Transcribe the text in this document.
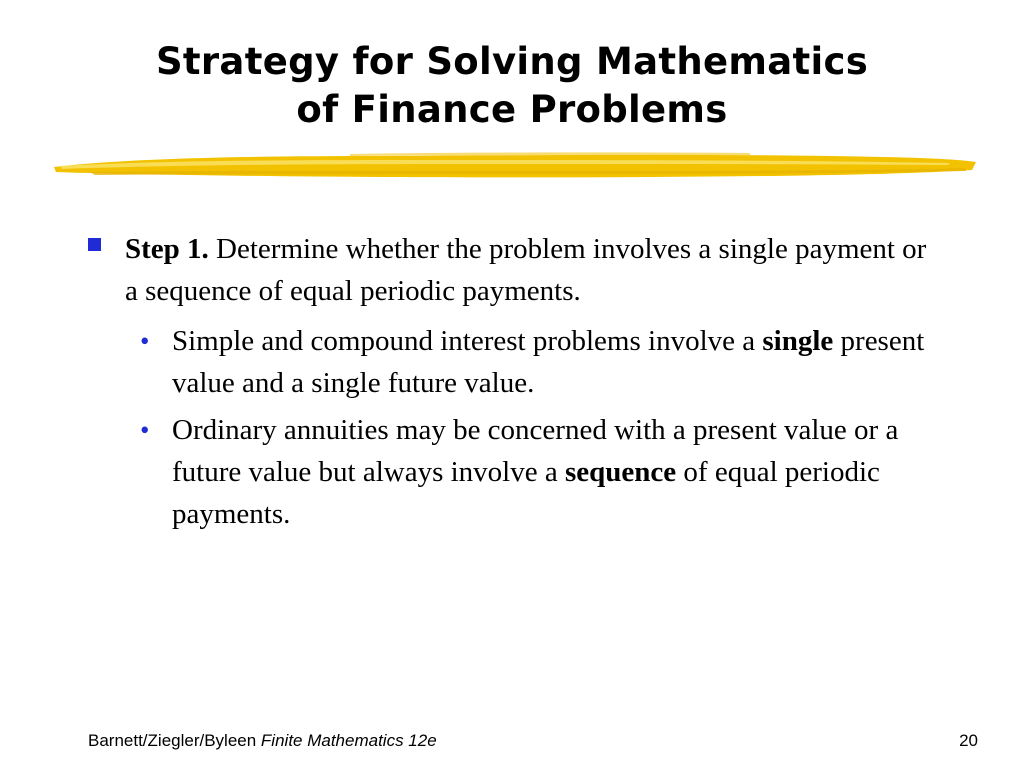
Strategy for Solving Mathematics
of Finance Problems
Step 1. Determine whether the problem involves a single payment or a sequence of equal periodic payments.
• Simple and compound interest problems involve a single present value and a single future value.
• Ordinary annuities may be concerned with a present value or a future value but always involve a sequence of equal periodic payments.
Barnett/Ziegler/Byleen Finite Mathematics 12e	20
